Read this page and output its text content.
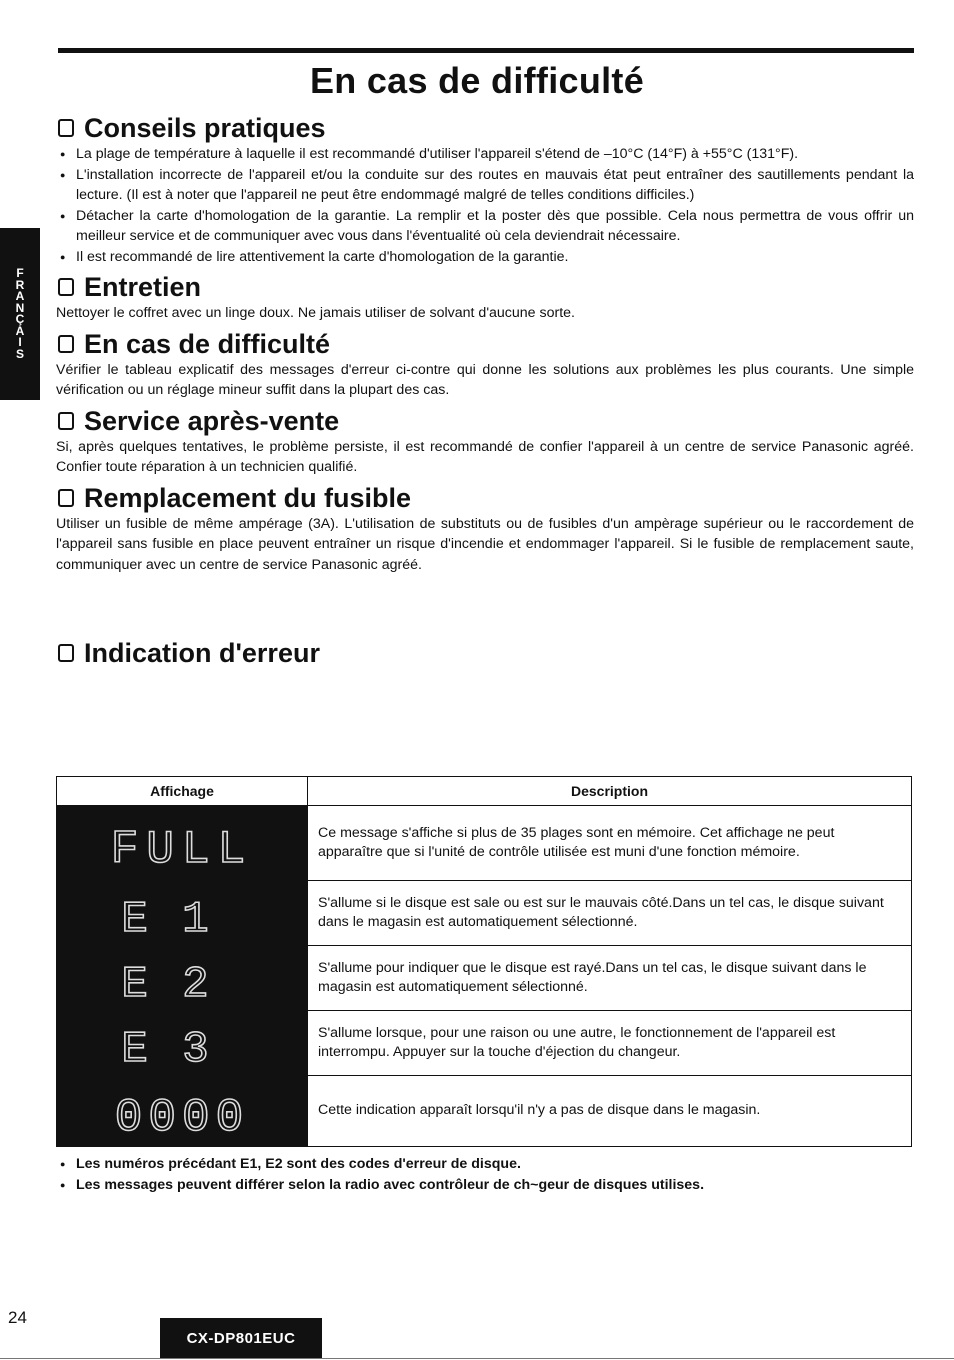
En cas de difficulté
F
R
A
N
Ç
A
I
S
Conseils pratiques
● La plage de température à laquelle il est recommandé d'utiliser l'appareil s'étend de –10°C (14°F) à +55°C (131°F).
● L'installation incorrecte de l'appareil et/ou la conduite sur des routes en mauvais état peut entraîner des sautillements pendant la lecture. (Il est à noter que l'appareil ne peut être endommagé malgré de telles conditions difficiles.)
● Détacher la carte d'homologation de la garantie. La remplir et la poster dès que possible. Cela nous permettra de vous offrir un meilleur service et de communiquer avec vous dans l'éventualité où cela deviendrait nécessaire.
● Il est recommandé de lire attentivement la carte d'homologation de la garantie.
Entretien

Nettoyer le coffret avec un linge doux. Ne jamais utiliser de solvant d'aucune sorte.

En cas de difficulté

Vérifier le tableau explicatif des messages d'erreur ci-contre qui donne les solutions aux problèmes les plus courants. Une simple vérification ou un réglage mineur suffit dans la plupart des cas.

Service après-vente

Si, après quelques tentatives, le problème persiste, il est recommandé de confier l'appareil à un centre de service Panasonic agréé. Confier toute réparation à un technicien qualifié.

Remplacement du fusible

Utiliser un fusible de même ampérage (3A). L'utilisation de substituts ou de fusibles d'un ampèrage supérieur ou le raccordement de l'appareil sans fusible en place peuvent entraîner un risque d'incendie et endommager l'appareil. Si le fusible de remplacement saute, communiquer avec un centre de service Panasonic agréé.

Indication d'erreur
Affichage	Description

FULL	Ce message s'affiche si plus de 35 plages sont en mémoire. Cet affichage ne peut apparaître que si l'unité de contrôle utilisée est muni d'une fonction mémoire.

E 1	S'allume si le disque est sale ou est sur le mauvais côté.Dans un tel cas, le disque suivant dans le magasin est automatiquement sélectionné.

E 2	S'allume pour indiquer que le disque est rayé.Dans un tel cas, le disque suivant dans le magasin est automatiquement sélectionné.

E 3	S'allume lorsque, pour une raison ou une autre, le fonctionnement de l'appareil est interrompu. Appuyer sur la touche d'éjection du changeur.

0000	Cette indication apparaît lorsqu'il n'y a pas de disque dans le magasin.
● Les numéros précédant E1, E2 sont des codes d'erreur de disque.
● Les messages peuvent différer selon la radio avec contrôleur de ch~geur de disques utilises.
24
CX-DP801EUC
